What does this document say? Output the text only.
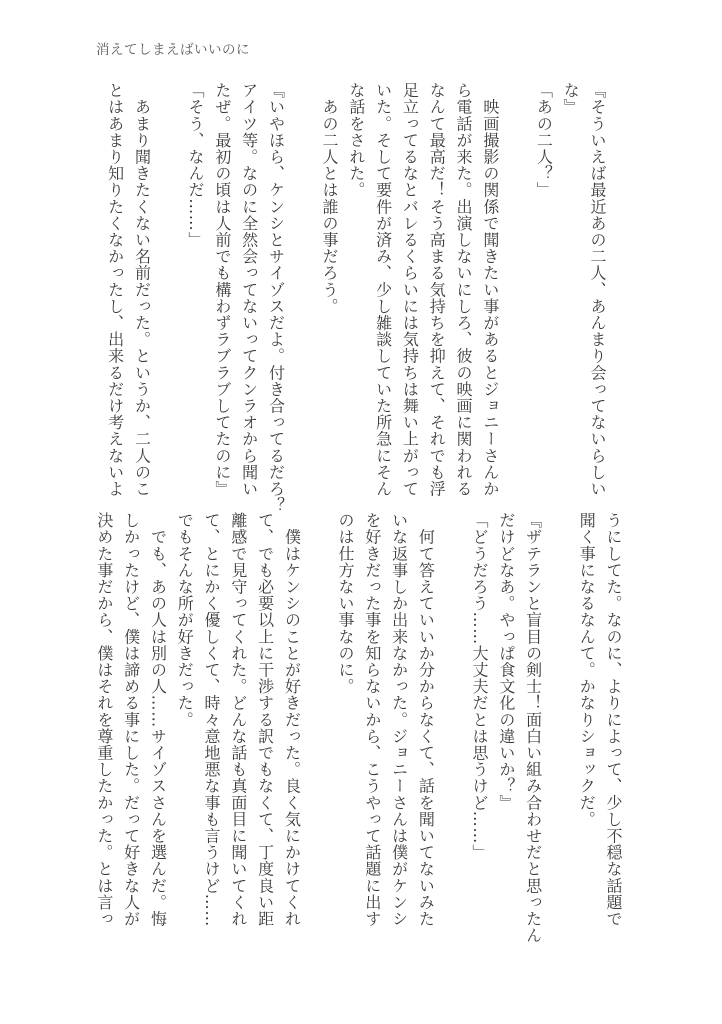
消えてしまえばいいのに
『そういえば最近あの二人、あんまり会ってないらしい
な』
「あの二人？」

　映画撮影の関係で聞きたい事があるとジョニーさんか
ら電話が来た。出演しないにしろ、彼の映画に関われる
なんて最高だ！そう高まる気持ちを抑えて、それでも浮
足立ってるなとバレるくらいには気持ちは舞い上がって
いた。そして要件が済み、少し雑談していた所急にそん
な話をされた。
　あの二人とは誰の事だろう。

『いやほら、ケンシとサイゾスだよ。付き合ってるだろ？
アイツ等。なのに全然会ってないってクンラオから聞い
たぜ。最初の頃は人前でも構わずラブラブしてたのに』
「そう、なんだ……」

　あまり聞きたくない名前だった。というか、二人のこ
とはあまり知りたくなかったし、出来るだけ考えないよ
うにしてた。なのに、よりによって、少し不穏な話題で
聞く事になるなんて。かなりショックだ。

『ザテランと盲目の剣士！面白い組み合わせだと思ったん
だけどなあ。やっぱ食文化の違いか？』
「どうだろう……大丈夫だとは思うけど……」

　何て答えていいか分からなくて、話を聞いてないみた
いな返事しか出来なかった。ジョニーさんは僕がケンシ
を好きだった事を知らないから、こうやって話題に出す
のは仕方ない事なのに。

　僕はケンシのことが好きだった。良く気にかけてくれ
て、でも必要以上に干渉する訳でもなくて、丁度良い距
離感で見守ってくれた。どんな話も真面目に聞いてくれ
て、とにかく優しくて、時々意地悪な事も言うけど……
でもそんな所が好きだった。
　でも、あの人は別の人……サイゾスさんを選んだ。悔
しかったけど、僕は諦める事にした。だって好きな人が
決めた事だから、僕はそれを尊重したかった。とは言っ
